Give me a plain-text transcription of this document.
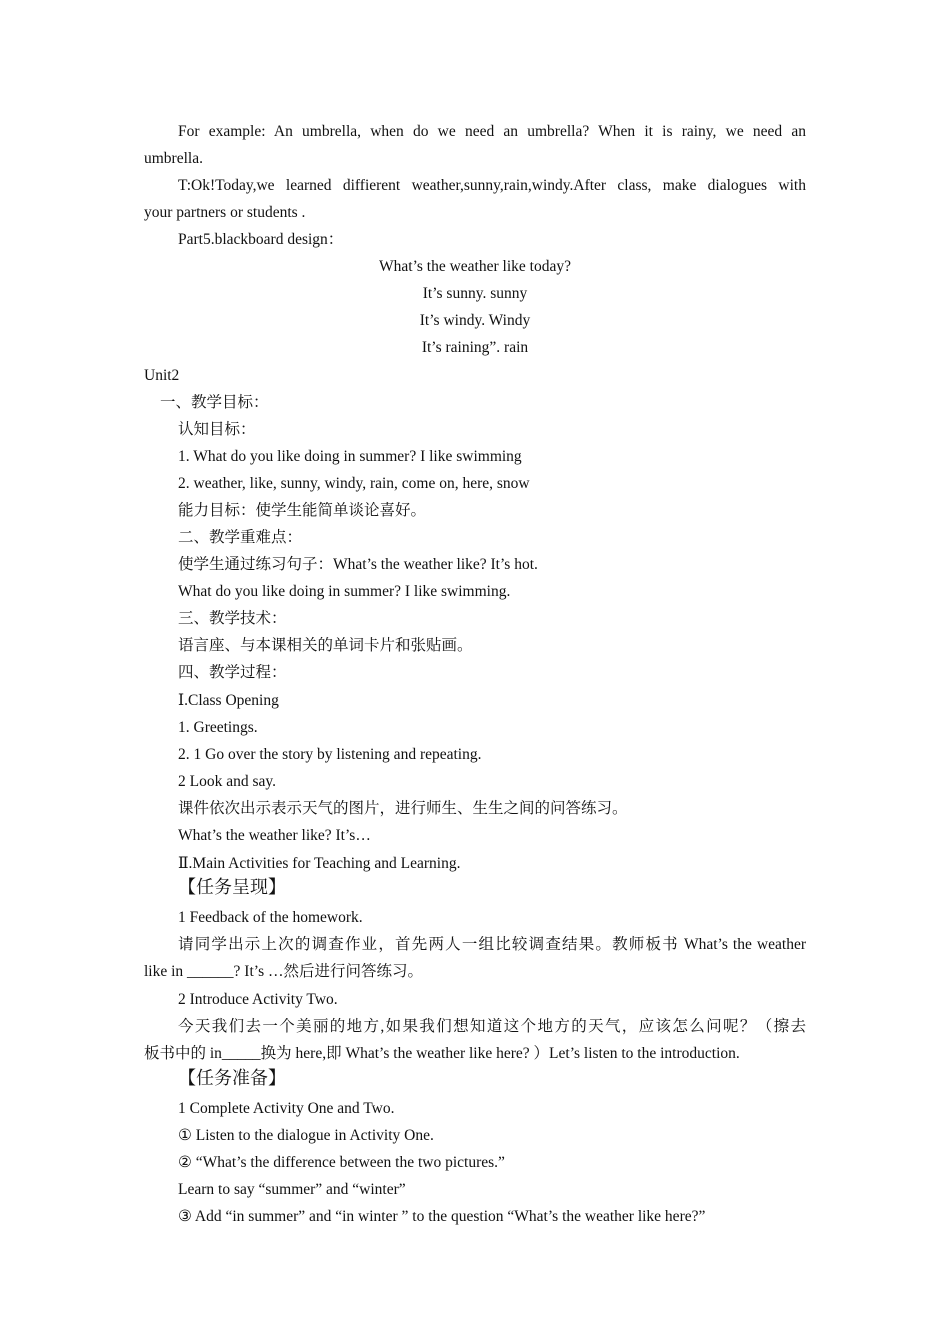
For example: An umbrella, when do we need an umbrella? When it is rainy, we need an
umbrella.
T:Ok!Today,we learned diffierent weather,sunny,rain,windy.After class, make dialogues with
your partners or students .
Part5.blackboard design：
What’s the weather like today?
It’s sunny. sunny
It’s windy. Windy
It’s raining”. rain
Unit2
一、教学目标：
认知目标：
1. What do you like doing in summer? I like swimming
2. weather, like, sunny, windy, rain, come on, here, snow
能力目标：使学生能简单谈论喜好。
二、教学重难点：
使学生通过练习句子：What’s the weather like? It’s hot.
What do you like doing in summer? I like swimming.
三、教学技术：
语言座、与本课相关的单词卡片和张贴画。
四、教学过程：
Ⅰ.Class Opening
1. Greetings.
2. 1 Go over the story by listening and repeating.
2 Look and say.
课件依次出示表示天气的图片，进行师生、生生之间的问答练习。
What’s the weather like? It’s…
Ⅱ.Main Activities for Teaching and Learning.
【任务呈现】
1 Feedback of the homework.
请同学出示上次的调查作业，首先两人一组比较调查结果。教师板书 What’s the weather
like in ______? It’s …然后进行问答练习。
2 Introduce Activity Two.
今天我们去一个美丽的地方,如果我们想知道这个地方的天气，应该怎么问呢？（擦去
板书中的 in_____换为 here,即 What’s the weather like here? ）Let’s listen to the introduction.
【任务准备】
1 Complete Activity One and Two.
① Listen to the dialogue in Activity One.
② “What’s the difference between the two pictures.”
Learn to say “summer” and “winter”
③ Add “in summer” and “in winter ” to the question “What’s the weather like here?”
